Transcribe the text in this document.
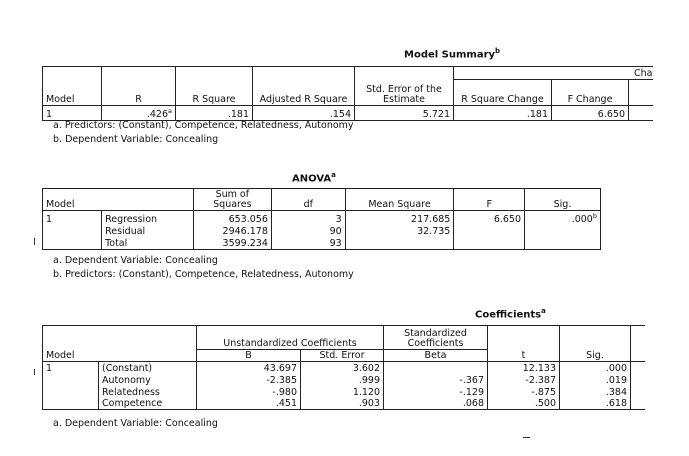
Model Summary$^b$
					Cha		
Model	R	R Square	Adjusted R Square	Std. Error of the Estimate	R Square Change	F Change	
1	.426$^a$	.181	.154	5.721	.181	6.650	
a. Predictors: (Constant), Competence, Relatedness, Autonomy
b. Dependent Variable: Concealing
ANOVA$^a$
Model		Sum of Squares	df	Mean Square	F	Sig.
1	Regression	653.056	3	217.685	6.650	.000$^b$
	Residual	2946.178	90	32.735		
	Total	3599.234	93			
a. Dependent Variable: Concealing
b. Predictors: (Constant), Competence, Relatedness, Autonomy
Coefficients$^a$
		Unstandardized Coefficients		Standardized Coefficients			
Model		B	Std. Error	Beta	t	Sig.	
1	(Constant)	43.697	3.602		12.133	.000	
	Autonomy	-2.385	.999	-.367	-2.387	.019	
	Relatedness	-.980	1.120	-.129	-.875	.384	
	Competence	.451	.903	.068	.500	.618	
a. Dependent Variable: Concealing
